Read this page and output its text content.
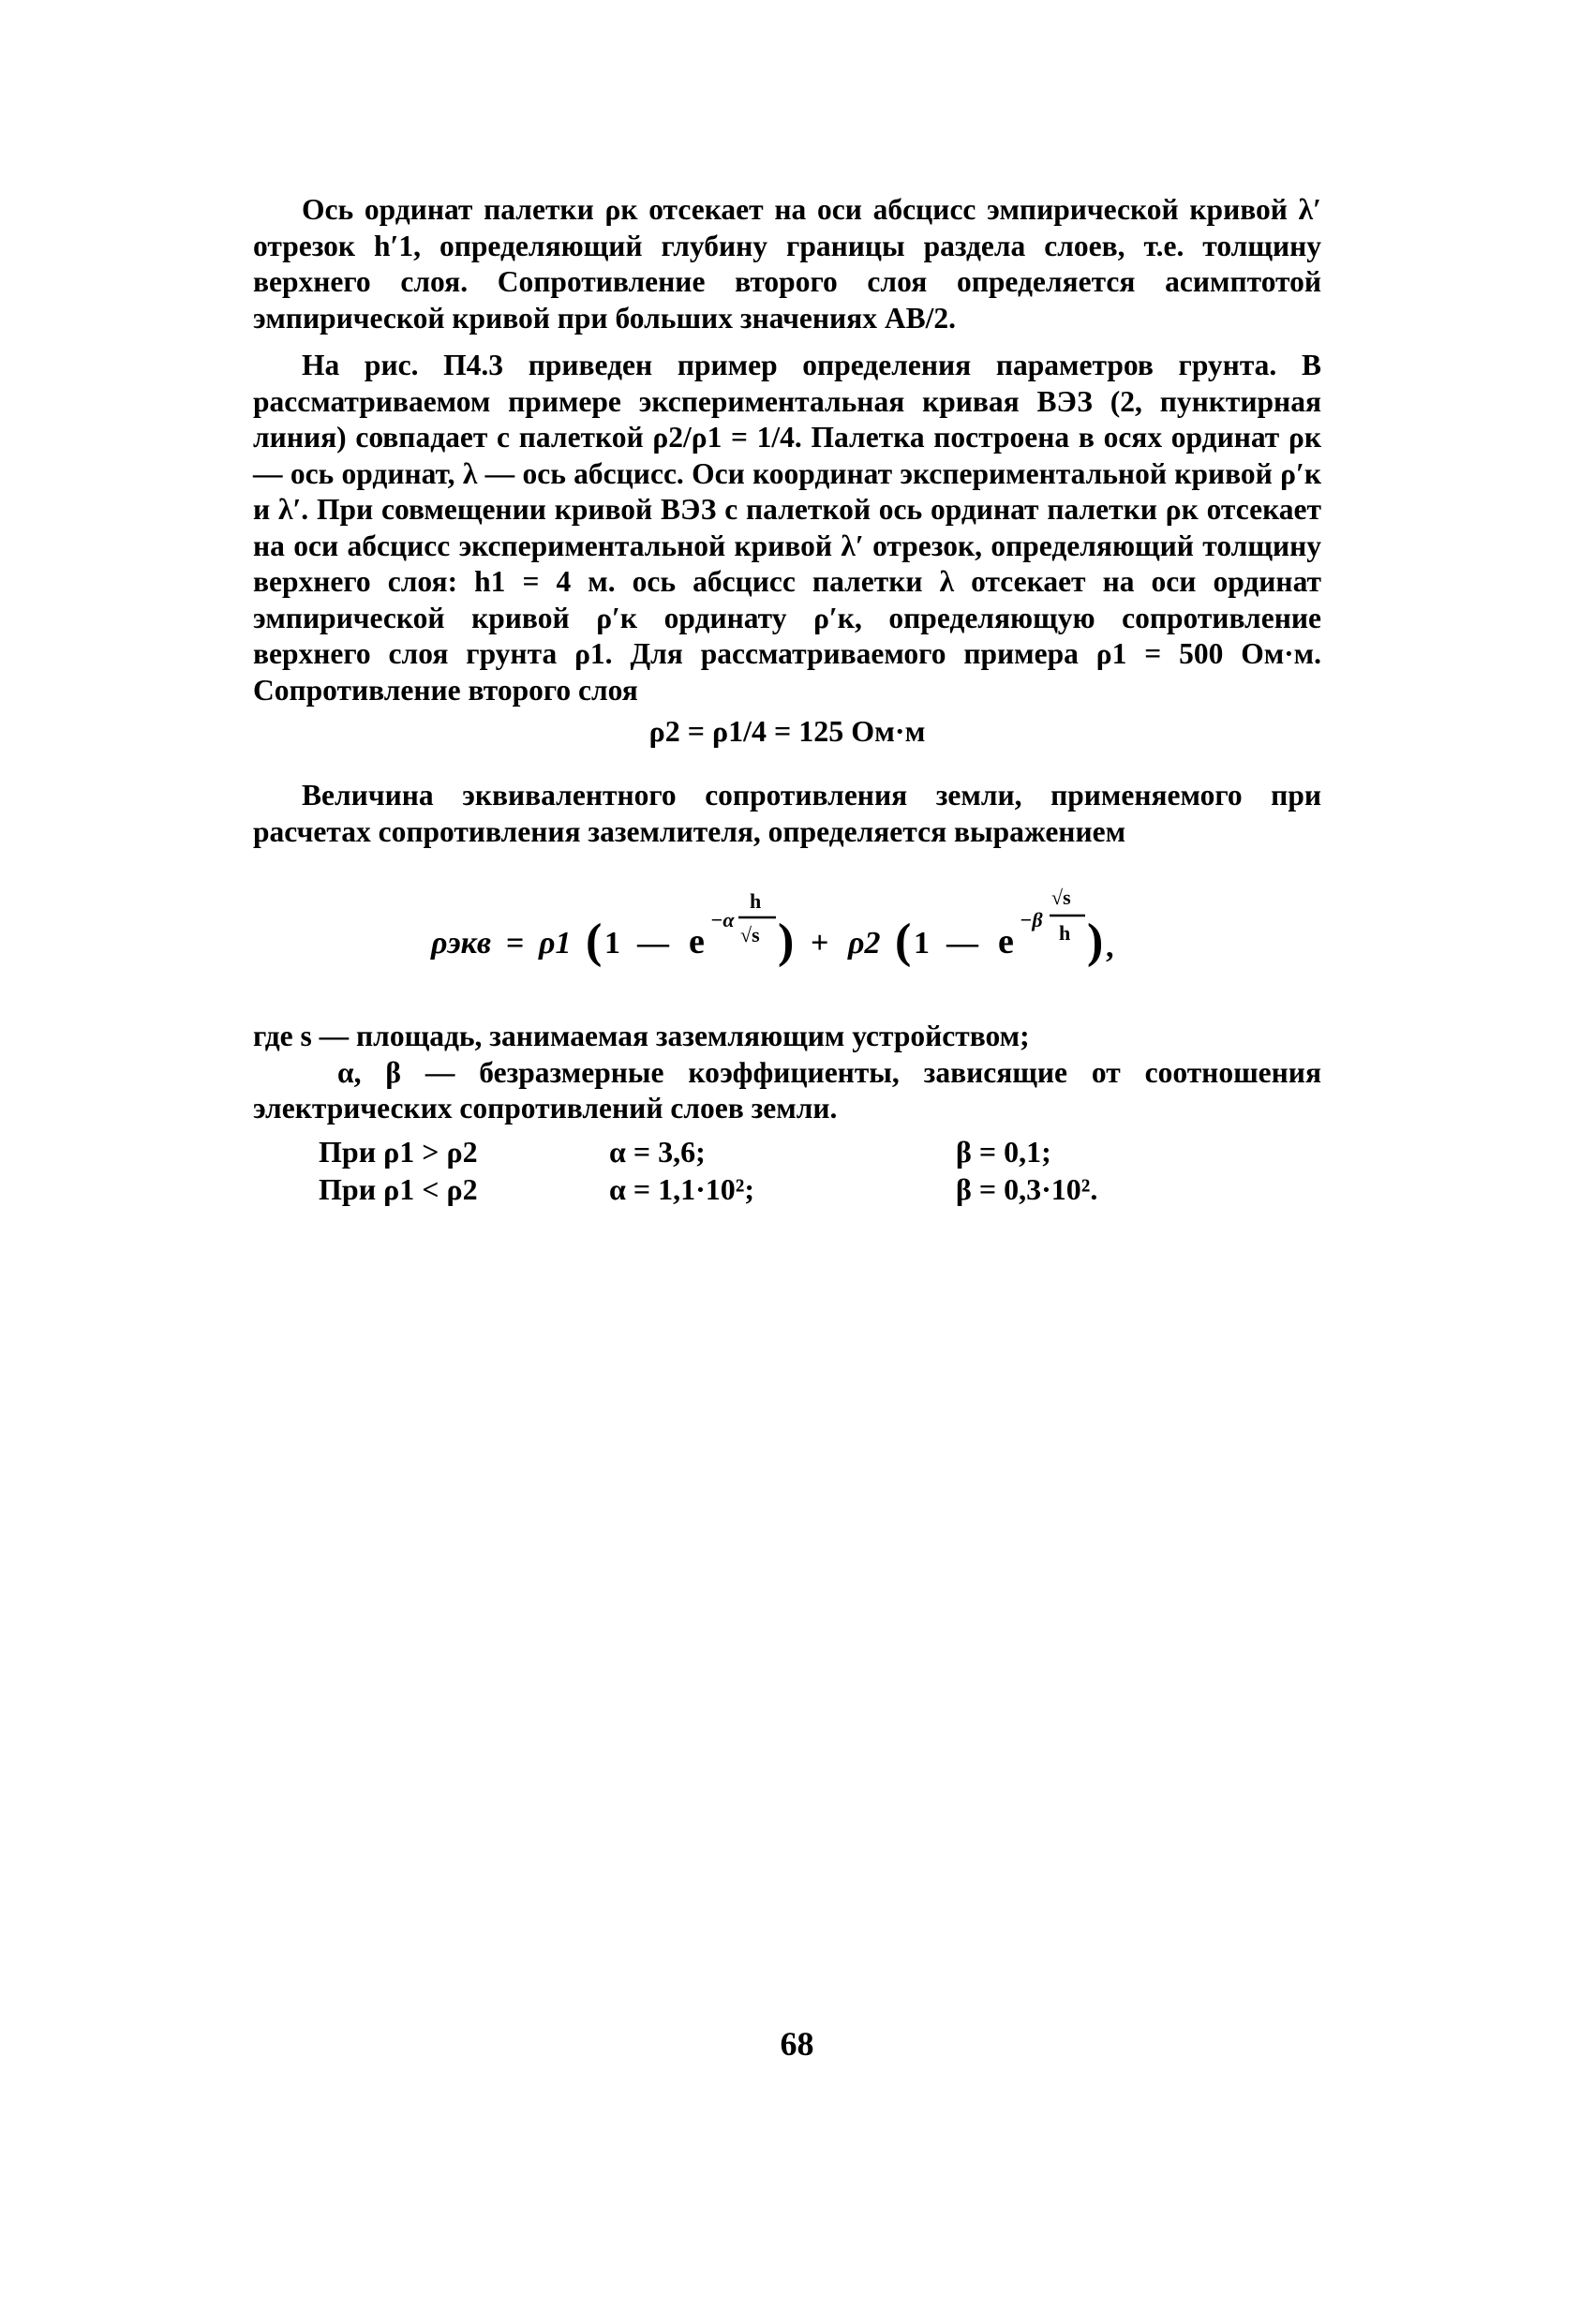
Ось ординат палетки ρк отсекает на оси абсцисс эмпирической кривой λ′ отрезок h′1, определяющий глубину границы раздела слоев, т.е. толщину верхнего слоя. Сопротивление второго слоя определяется асимптотой эмпирической кривой при больших значениях AB/2.

На рис. П4.3 приведен пример определения параметров грунта. В рассматриваемом примере экспериментальная кривая ВЭЗ (2, пунктирная линия) совпадает с палеткой ρ2/ρ1 = 1/4. Палетка построена в осях ординат ρк — ось ординат, λ — ось абсцисс. Оси координат экспериментальной кривой ρ′к и λ′. При совмещении кривой ВЭЗ с палеткой ось ординат палетки ρк отсекает на оси абсцисс экспериментальной кривой λ′ отрезок, определяющий толщину верхнего слоя: h1 = 4 м. ось абсцисс палетки λ отсекает на оси ординат эмпирической кривой ρ′к ординату ρ′к, определяющую сопротивление верхнего слоя грунта ρ1. Для рассматриваемого примера ρ1 = 500 Ом·м. Сопротивление второго слоя

ρ2 = ρ1/4 = 125 Ом·м

Величина эквивалентного сопротивления земли, применяемого при расчетах сопротивления заземлителя, определяется выражением

ρэкв = ρ1 ( 1 — e
−α
h
√s ) + ρ2 ( 1 — e
−β
√s
h ) ,

где s — площадь, занимаемая заземляющим устройством;

α, β — безразмерные коэффициенты, зависящие от соотношения электрических сопротивлений слоев земли.

При ρ1 > ρ2	α = 3,6;	β = 0,1;
При ρ1 < ρ2	α = 1,1·10²;	β = 0,3·10².
68
